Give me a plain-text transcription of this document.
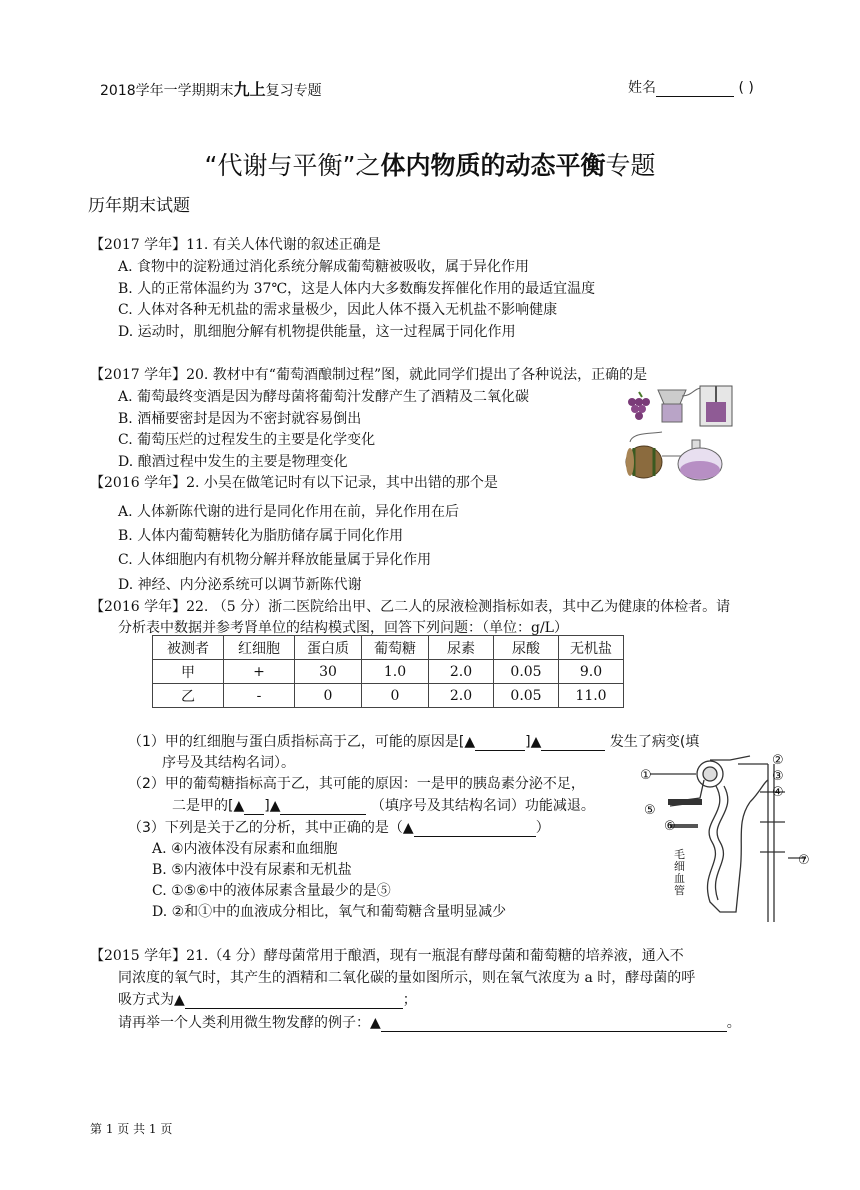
2018学年一学期期末九上复习专题	姓名	( )
“代谢与平衡”之体内物质的动态平衡专题
历年期末试题
【2017 学年】11. 有关人体代谢的叙述正确是
A. 食物中的淀粉通过消化系统分解成葡萄糖被吸收，属于异化作用
B. 人的正常体温约为 37℃，这是人体内大多数酶发挥催化作用的最适宜温度
C. 人体对各种无机盐的需求量极少，因此人体不摄入无机盐不影响健康
D. 运动时，肌细胞分解有机物提供能量，这一过程属于同化作用
【2017 学年】20. 教材中有“葡萄酒酿制过程”图，就此同学们提出了各种说法，正确的是
A. 葡萄最终变酒是因为酵母菌将葡萄汁发酵产生了酒精及二氧化碳
B. 酒桶要密封是因为不密封就容易倒出
C. 葡萄压烂的过程发生的主要是化学变化
D. 酿酒过程中发生的主要是物理变化
【2016 学年】2. 小吴在做笔记时有以下记录，其中出错的那个是
A. 人体新陈代谢的进行是同化作用在前，异化作用在后
B. 人体内葡萄糖转化为脂肪储存属于同化作用
C. 人体细胞内有机物分解并释放能量属于异化作用
D. 神经、内分泌系统可以调节新陈代谢
【2016 学年】22. （5 分）浙二医院给出甲、乙二人的尿液检测指标如表，其中乙为健康的体检者。请
分析表中数据并参考肾单位的结构模式图，回答下列问题：（单位：g/L）
被测者	红细胞	蛋白质	葡萄糖	尿素	尿酸	无机盐
甲	+	30	1.0	2.0	0.05	9.0
乙	-	0	0	2.0	0.05	11.0
（1）甲的红细胞与蛋白质指标高于乙，可能的原因是[▲	]▲	发生了病变(填
序号及其结构名词）。
（2）甲的葡萄糖指标高于乙，其可能的原因：一是甲的胰岛素分泌不足，
二是甲的[▲ ]▲	（填序号及其结构名词）功能减退。
（3）下列是关于乙的分析，其中正确的是（▲	）
A. ④内液体没有尿素和血细胞
B. ⑤内液体中没有尿素和无机盐
C. ①⑤⑥中的液体尿素含量最少的是⑤
D. ②和①中的血液成分相比，氧气和葡萄糖含量明显减少
①
②
③
④
⑤
⑥
⑦
毛
细
血
管
【2015 学年】21.（4 分）酵母菌常用于酿酒，现有一瓶混有酵母菌和葡萄糖的培养液，通入不
同浓度的氧气时，其产生的酒精和二氧化碳的量如图所示，则在氧气浓度为 a 时，酵母菌的呼
吸方式为▲	；
请再举一个人类利用微生物发酵的例子：▲	。
第 1 页 共 1 页
